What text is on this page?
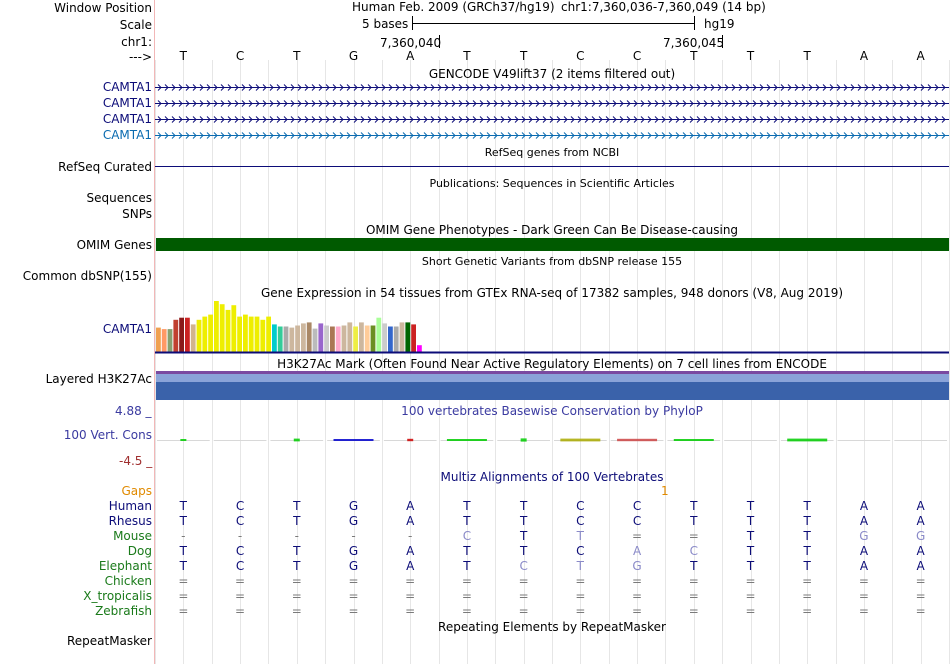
Window Position
Scale
chr1:
--->
Human Feb. 2009 (GRCh37/hg19) chr1:7,360,036-7,360,049 (14 bp)
5 bases	hg19
7,360,040	7,360,045
T	C	T	G	A	T	T	C	C	T	T	T	A	A
GENCODE V49lift37 (2 items filtered out)
CAMTA1
CAMTA1
CAMTA1
CAMTA1
RefSeq Curated
RefSeq genes from NCBI
Sequences
SNPs
Publications: Sequences in Scientific Articles
OMIM Gene Phenotypes - Dark Green Can Be Disease-causing
OMIM Genes
Short Genetic Variants from dbSNP release 155
Common dbSNP(155)
Gene Expression in 54 tissues from GTEx RNA-seq of 17382 samples, 948 donors (V8, Aug 2019)
CAMTA1
H3K27Ac Mark (Often Found Near Active Regulatory Elements) on 7 cell lines from ENCODE
Layered H3K27Ac
4.88 _	100 vertebrates Basewise Conservation by PhyloP
100 Vert. Cons
-4.5 _
Multiz Alignments of 100 Vertebrates
Gaps	1
Human	T	C	T	G	A	T	T	C	C	T	T	T	A	A
Rhesus	T	C	T	G	A	T	T	C	C	T	T	T	A	A
Mouse	-	-	-	-	-	C	T	T	=	=	T	T	G	G
Dog	T	C	T	G	A	T	T	C	A	C	T	T	A	A
Elephant	T	C	T	G	A	T	C	T	G	T	T	T	A	A
Chicken	=	=	=	=	=	=	=	=	=	=	=	=	=	=
X_tropicalis	=	=	=	=	=	=	=	=	=	=	=	=	=	=
Zebrafish	=	=	=	=	=	=	=	=	=	=	=	=	=	=
Repeating Elements by RepeatMasker
RepeatMasker
